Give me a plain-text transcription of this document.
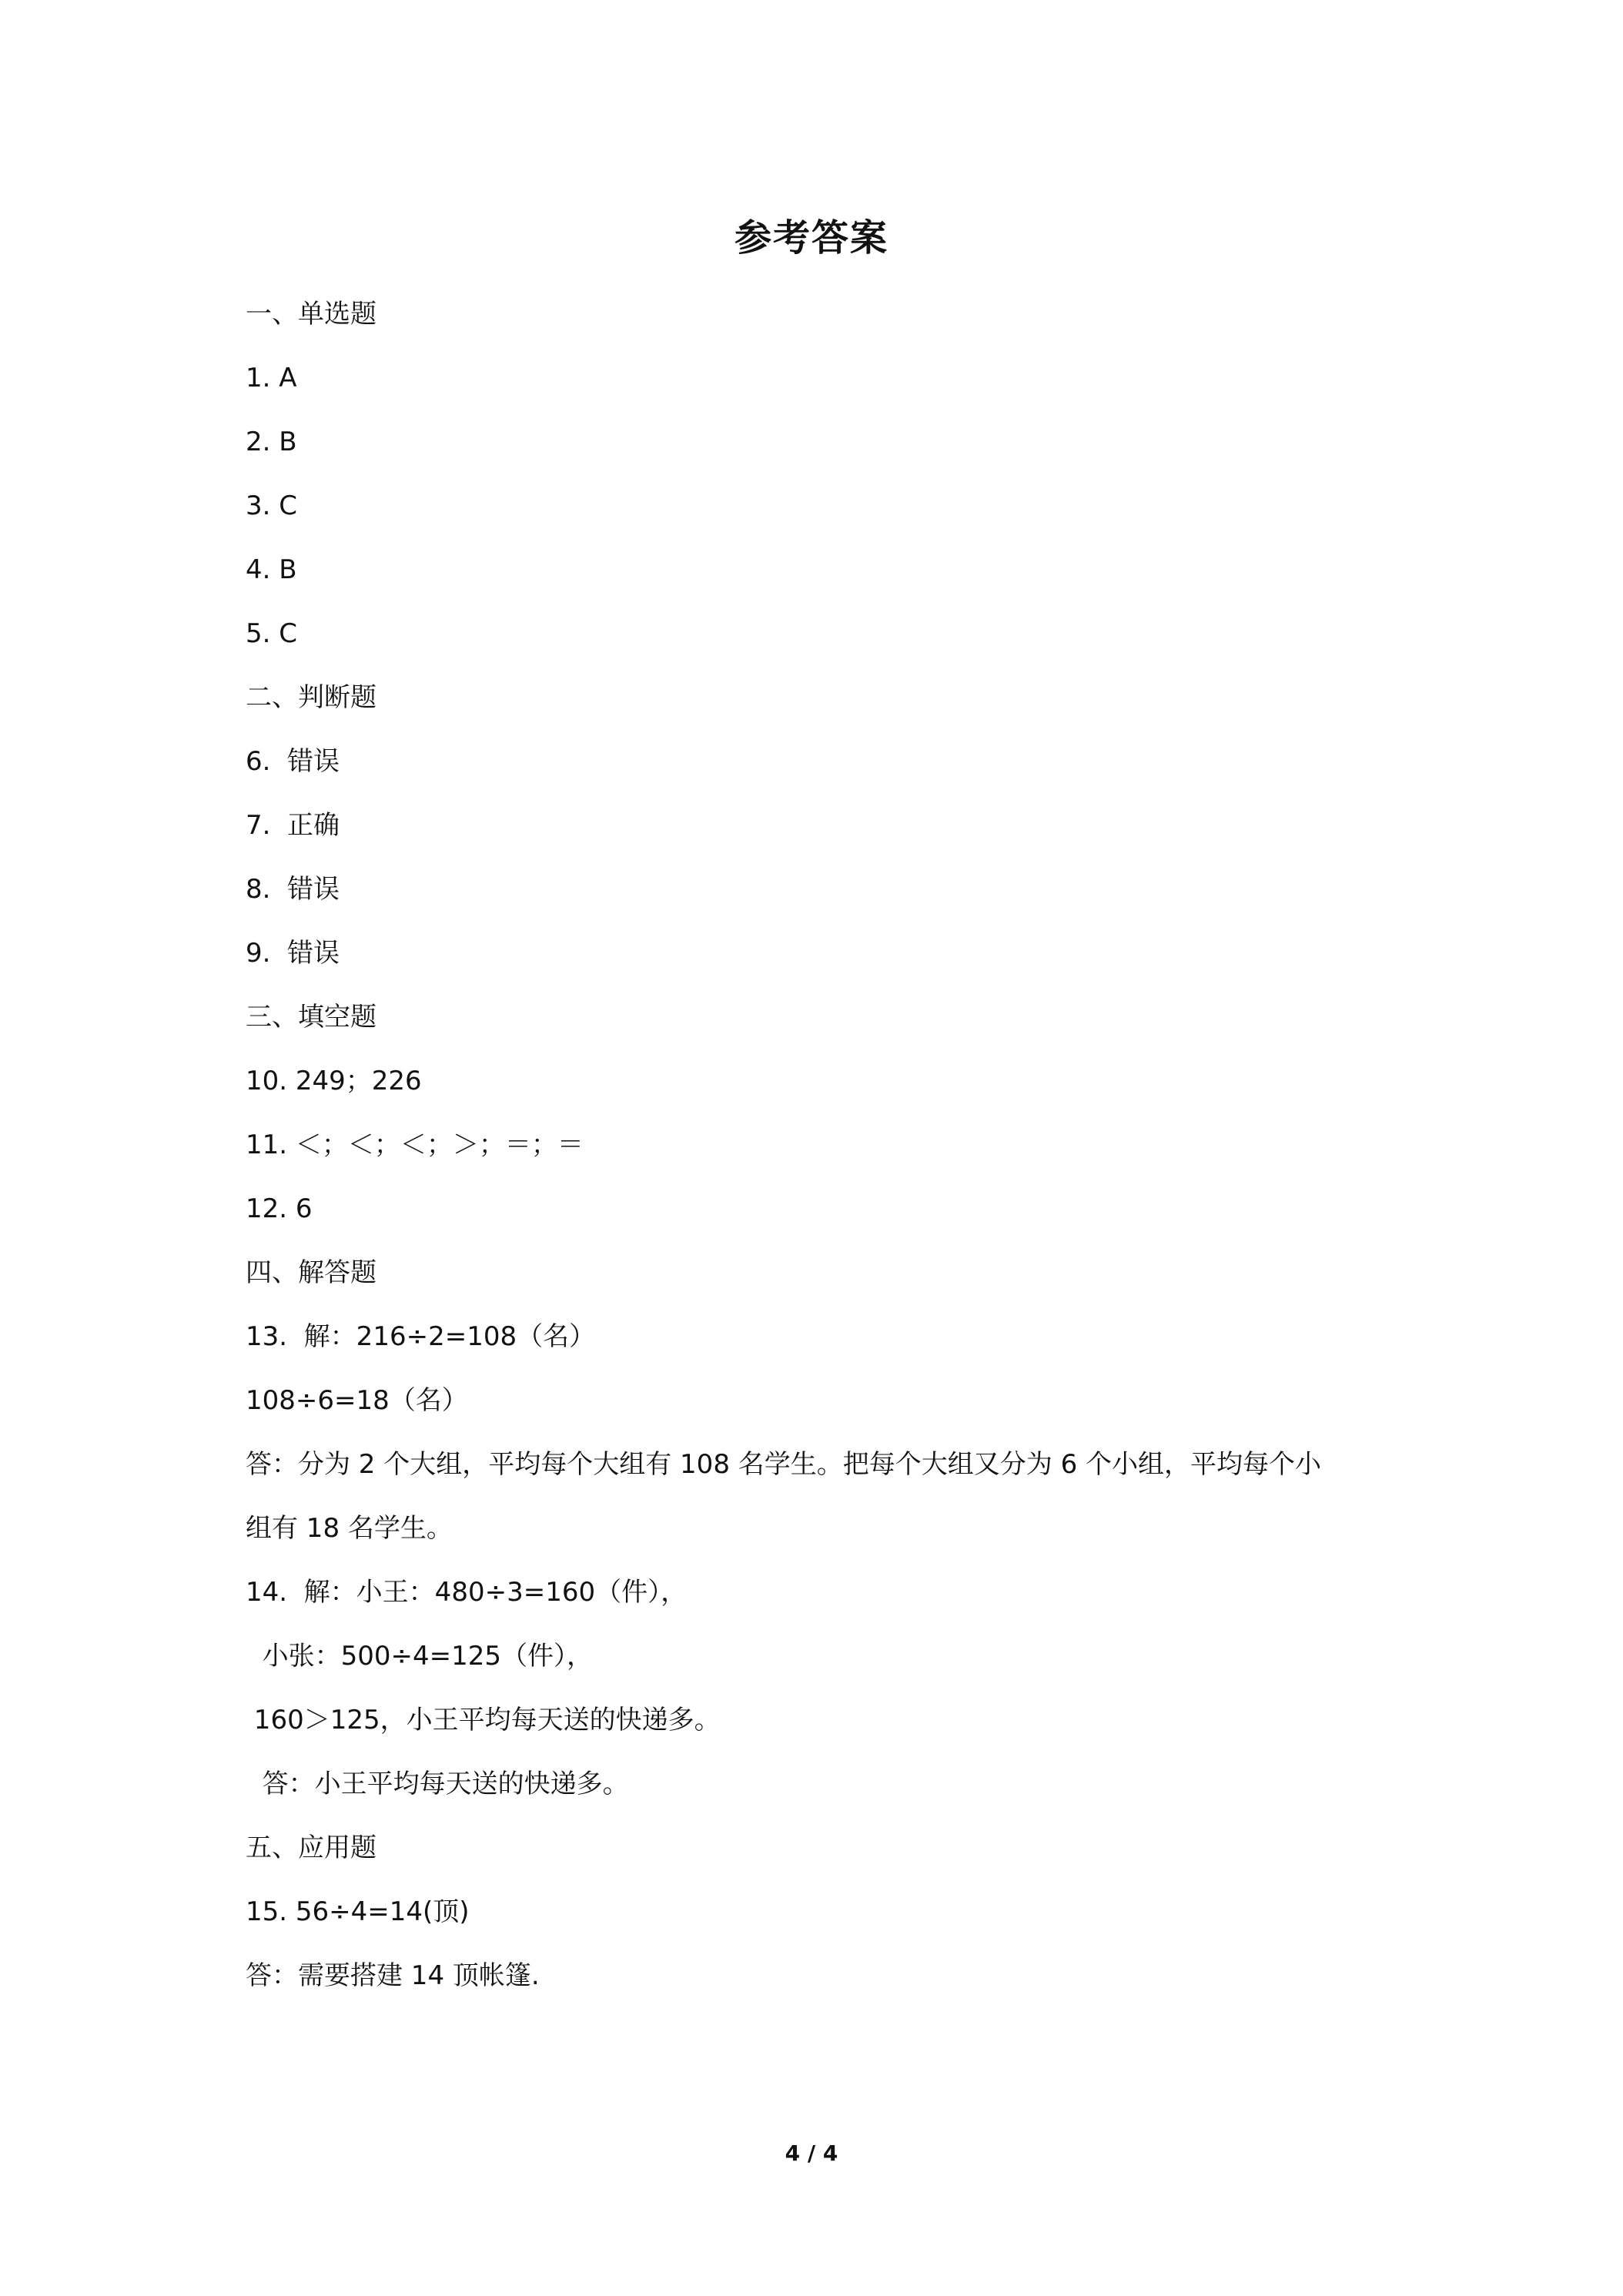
参考答案
一、单选题
1. A
2. B
3. C
4. B
5. C
二、判断题
6.  错误
7.  正确
8.  错误
9.  错误
三、填空题
10. 249；226
11. ＜；＜；＜；＞；＝；＝
12. 6
四、解答题
13.  解：216÷2=108（名）
108÷6=18（名）
答：分为 2 个大组，平均每个大组有 108 名学生。把每个大组又分为 6 个小组，平均每个小
组有 18 名学生。
14.  解：小王：480÷3=160（件），
小张：500÷4=125（件），
160＞125，小王平均每天送的快递多。
答：小王平均每天送的快递多。
五、应用题
15. 56÷4=14(顶)
答：需要搭建 14 顶帐篷.
4 / 4
